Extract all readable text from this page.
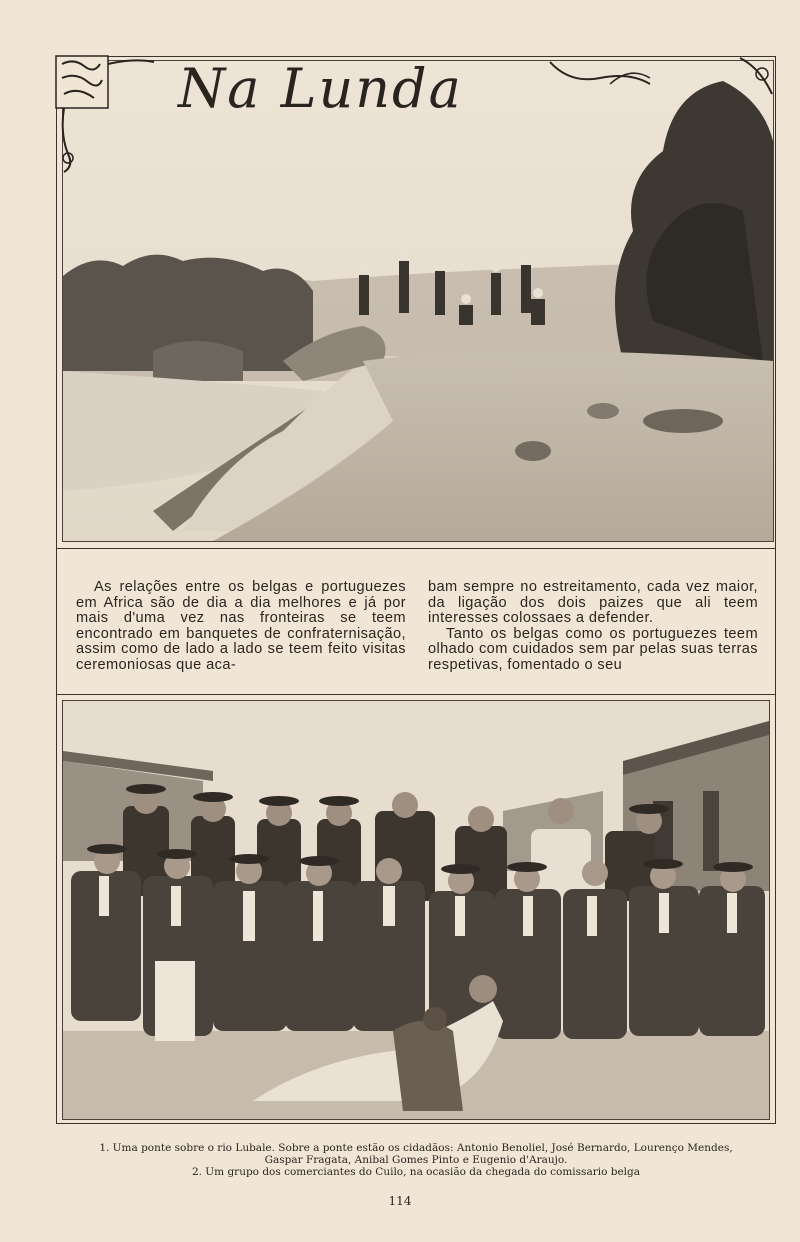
Na Lunda

As relações entre os belgas e portuguezes em Africa são de dia a dia melhores e já por mais d'uma vez nas fronteiras se teem encontrado em banquetes de confraternisação, assim como de lado a lado se teem feito visitas ceremoniosas que aca-

bam sempre no estreitamento, cada vez maior, da ligação dos dois paizes que ali teem interesses colossaes a defender.

Tanto os belgas como os portuguezes teem olhado com cuidados sem par pelas suas terras respetivas, fomentado o seu

1. Uma ponte sobre o rio Lubale. Sobre a ponte estão os cidadãos: Antonio Benoliel, José Bernardo, Lourenço Mendes,
Gaspar Fragata, Anibal Gomes Pinto e Eugenio d'Araujo.
2. Um grupo dos comerciantes do Cuilo, na ocasião da chegada do comissario belga
114
